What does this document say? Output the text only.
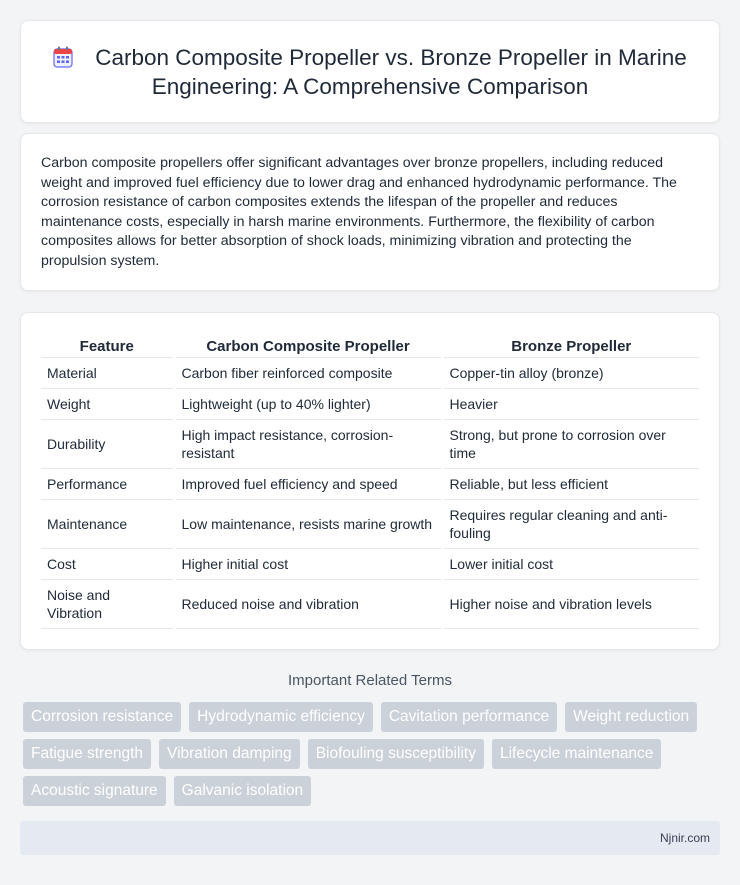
Carbon Composite Propeller vs. Bronze Propeller in Marine Engineering: A Comprehensive Comparison

Carbon composite propellers offer significant advantages over bronze propellers, including reduced weight and improved fuel efficiency due to lower drag and enhanced hydrodynamic performance. The corrosion resistance of carbon composites extends the lifespan of the propeller and reduces maintenance costs, especially in harsh marine environments. Furthermore, the flexibility of carbon composites allows for better absorption of shock loads, minimizing vibration and protecting the propulsion system.

Feature	Carbon Composite Propeller	Bronze Propeller
Material	Carbon fiber reinforced composite	Copper-tin alloy (bronze)
Weight	Lightweight (up to 40% lighter)	Heavier
Durability	High impact resistance, corrosion-resistant	Strong, but prone to corrosion over time
Performance	Improved fuel efficiency and speed	Reliable, but less efficient
Maintenance	Low maintenance, resists marine growth	Requires regular cleaning and anti-fouling
Cost	Higher initial cost	Lower initial cost
Noise and Vibration	Reduced noise and vibration	Higher noise and vibration levels
Important Related Terms
Corrosion resistance	Hydrodynamic efficiency	Cavitation performance	Weight reduction
Fatigue strength	Vibration damping	Biofouling susceptibility	Lifecycle maintenance
Acoustic signature	Galvanic isolation
Njnir.com
